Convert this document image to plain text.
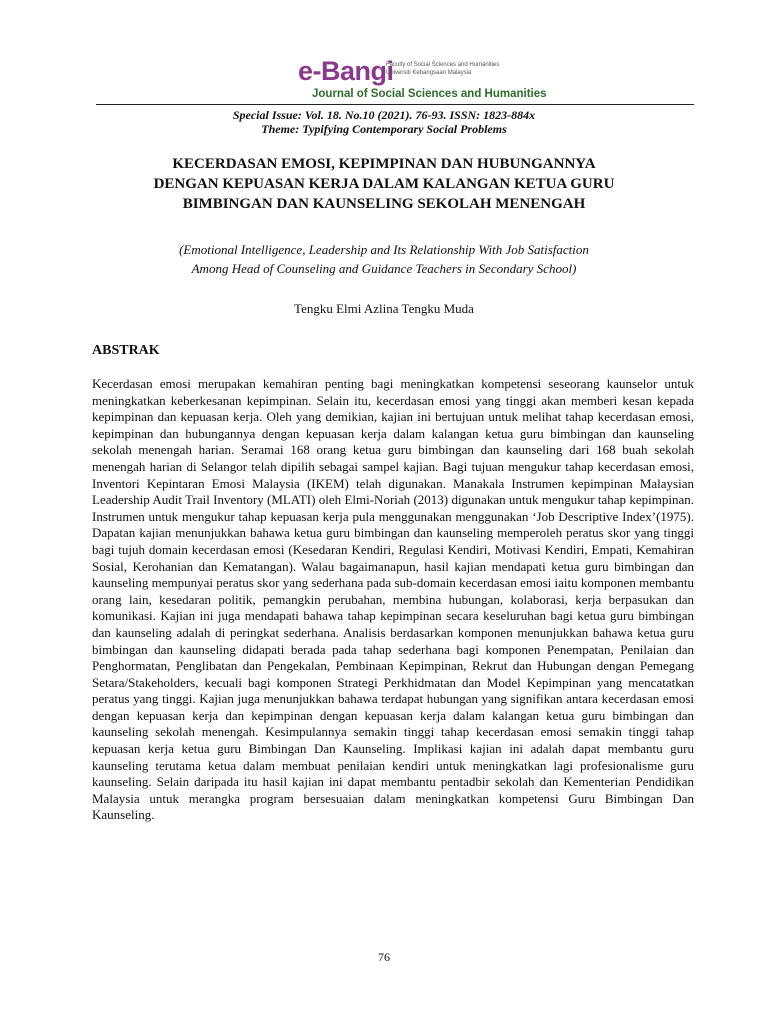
e-Bangi
Faculty of Social Sciences and Humanities
Universiti Kebangsaan Malaysia
Journal of Social Sciences and Humanities
Special Issue: Vol. 18. No.10 (2021). 76-93. ISSN: 1823-884x
Theme: Typifying Contemporary Social Problems
KECERDASAN EMOSI, KEPIMPINAN DAN HUBUNGANNYA
DENGAN KEPUASAN KERJA DALAM KALANGAN KETUA GURU
BIMBINGAN DAN KAUNSELING SEKOLAH MENENGAH
(Emotional Intelligence, Leadership and Its Relationship With Job Satisfaction
Among Head of Counseling and Guidance Teachers in Secondary School)
Tengku Elmi Azlina Tengku Muda
ABSTRAK

Kecerdasan emosi merupakan kemahiran penting bagi meningkatkan kompetensi seseorang kaunselor untuk meningkatkan keberkesanan kepimpinan. Selain itu, kecerdasan emosi yang tinggi akan memberi kesan kepada kepimpinan dan kepuasan kerja. Oleh yang demikian, kajian ini bertujuan untuk melihat tahap kecerdasan emosi, kepimpinan dan hubungannya dengan kepuasan kerja dalam kalangan ketua guru bimbingan dan kaunseling sekolah menengah harian. Seramai 168 orang ketua guru bimbingan dan kaunseling dari 168 buah sekolah menengah harian di Selangor telah dipilih sebagai sampel kajian. Bagi tujuan mengukur tahap kecerdasan emosi, Inventori Kepintaran Emosi Malaysia (IKEM) telah digunakan. Manakala Instrumen kepimpinan Malaysian Leadership Audit Trail Inventory (MLATI) oleh Elmi-Noriah (2013) digunakan untuk mengukur tahap kepimpinan. Instrumen untuk mengukur tahap kepuasan kerja pula menggunakan menggunakan ‘Job Descriptive Index’(1975). Dapatan kajian menunjukkan bahawa ketua guru bimbingan dan kaunseling memperoleh peratus skor yang tinggi bagi tujuh domain kecerdasan emosi (Kesedaran Kendiri, Regulasi Kendiri, Motivasi Kendiri, Empati, Kemahiran Sosial, Kerohanian dan Kematangan). Walau bagaimanapun, hasil kajian mendapati ketua guru bimbingan dan kaunseling mempunyai peratus skor yang sederhana pada sub-domain kecerdasan emosi iaitu komponen membantu orang lain, kesedaran politik, pemangkin perubahan, membina hubungan, kolaborasi, kerja berpasukan dan komunikasi. Kajian ini juga mendapati bahawa tahap kepimpinan secara keseluruhan bagi ketua guru bimbingan dan kaunseling adalah di peringkat sederhana. Analisis berdasarkan komponen menunjukkan bahawa ketua guru bimbingan dan kaunseling didapati berada pada tahap sederhana bagi komponen Penempatan, Penilaian dan Penghormatan, Penglibatan dan Pengekalan, Pembinaan Kepimpinan, Rekrut dan Hubungan dengan Pemegang Setara/Stakeholders, kecuali bagi komponen Strategi Perkhidmatan dan Model Kepimpinan yang mencatatkan peratus yang tinggi. Kajian juga menunjukkan bahawa terdapat hubungan yang signifikan antara kecerdasan emosi dengan kepuasan kerja dan kepimpinan dengan kepuasan kerja dalam kalangan ketua guru bimbingan dan kaunseling sekolah menengah. Kesimpulannya semakin tinggi tahap kecerdasan emosi semakin tinggi tahap kepuasan kerja ketua guru Bimbingan Dan Kaunseling. Implikasi kajian ini adalah dapat membantu guru kaunseling terutama ketua dalam membuat penilaian kendiri untuk meningkatkan lagi profesionalisme guru kaunseling. Selain daripada itu hasil kajian ini dapat membantu pentadbir sekolah dan Kementerian Pendidikan Malaysia untuk merangka program bersesuaian dalam meningkatkan kompetensi Guru Bimbingan Dan Kaunseling.

76
